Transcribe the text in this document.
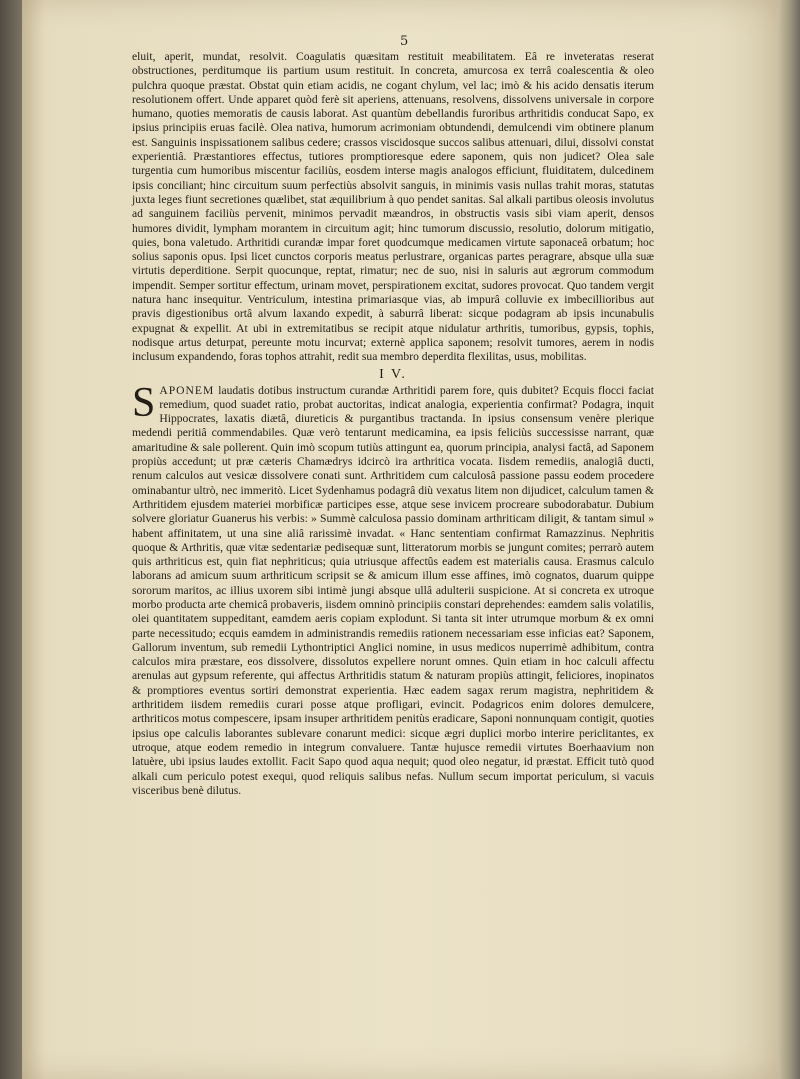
5

eluit, aperit, mundat, resolvit. Coagulatis quæsitam restituit meabilitatem. Eâ re inveteratas reserat obstructiones, perditumque iis partium usum restituit. In concreta, amurcosa ex terrâ coalescentia & oleo pulchra quoque præstat. Obstat quin etiam acidis, ne cogant chylum, vel lac; imò & his acido densatis iterum resolutionem offert. Unde apparet quòd ferè sit aperiens, attenuans, resolvens, dissolvens universale in corpore humano, quoties memoratis de causis laborat. Ast quantùm debellandis furoribus arthritidis conducat Sapo, ex ipsius principiis eruas facilè. Olea nativa, humorum acrimoniam obtundendi, demulcendi vim obtinere planum est. Sanguinis inspissationem salibus cedere; crassos viscidosque succos salibus attenuari, dilui, dissolvi constat experientiâ. Præstantiores effectus, tutiores promptioresque edere saponem, quis non judicet? Olea sale turgentia cum humoribus miscentur faciliùs, eosdem interse magis analogos efficiunt, fluiditatem, dulcedinem ipsis conciliant; hinc circuitum suum perfectiùs absolvit sanguis, in minimis vasis nullas trahit moras, statutas juxta leges fiunt secretiones quælibet, stat æquilibrium à quo pendet sanitas. Sal alkali partibus oleosis involutus ad sanguinem faciliùs pervenit, minimos pervadit mæandros, in obstructis vasis sibi viam aperit, densos humores dividit, lympham morantem in circuitum agit; hinc tumorum discussio, resolutio, dolorum mitigatio, quies, bona valetudo. Arthritidi curandæ impar foret quodcumque medicamen virtute saponaceâ orbatum; hoc solius saponis opus. Ipsi licet cunctos corporis meatus perlustrare, organicas partes peragrare, absque ulla suæ virtutis deperditione. Serpit quocunque, reptat, rimatur; nec de suo, nisi in saluris aut ægrorum commodum impendit. Semper sortitur effectum, urinam movet, perspirationem excitat, sudores provocat. Quo tandem vergit natura hanc insequitur. Ventriculum, intestina primariasque vias, ab impurâ colluvie ex imbecillioribus aut pravis digestionibus ortâ alvum laxando expedit, à saburrâ liberat: sicque podagram ab ipsis incunabulis expugnat & expellit. At ubi in extremitatibus se recipit atque nidulatur arthritis, tumoribus, gypsis, tophis, nodisque artus deturpat, pereunte motu incurvat; externè applica saponem; resolvit tumores, aerem in nodis inclusum expandendo, foras tophos attrahit, redit sua membro deperdita flexilitas, usus, mobilitas.

I V.

SAPONEM laudatis dotibus instructum curandæ Arthritidi parem fore, quis dubitet? Ecquis flocci faciat remedium, quod suadet ratio, probat auctoritas, indicat analogia, experientia confirmat? Podagra, inquit Hippocrates, laxatis diætâ, diureticis & purgantibus tractanda. In ipsius consensum venère plerique medendi peritiâ commendabiles. Quæ verò tentarunt medicamina, ea ipsis feliciùs successisse narrant, quæ amaritudine & sale pollerent. Quin imò scopum tutiùs attingunt ea, quorum principia, analysi factâ, ad Saponem propiùs accedunt; ut præ cæteris Chamædrys idcircò ira arthritica vocata. Iisdem remediis, analogiâ ducti, renum calculos aut vesicæ dissolvere conati sunt. Arthritidem cum calculosâ passione passu eodem procedere ominabantur ultrò, nec immeritò. Licet Sydenhamus podagrâ diù vexatus litem non dijudicet, calculum tamen & Arthritidem ejusdem materiei morbificæ participes esse, atque sese invicem procreare subodorabatur. Dubium solvere gloriatur Guanerus his verbis: » Summè calculosa passio dominam arthriticam diligit, & tantam simul » habent affinitatem, ut una sine aliâ rarissimè invadat. « Hanc sententiam confirmat Ramazzinus. Nephritis quoque & Arthritis, quæ vitæ sedentariæ pedisequæ sunt, litteratorum morbis se jungunt comites; perrarò autem quis arthriticus est, quin fiat nephriticus; quia utriusque affectûs eadem est materialis causa. Erasmus calculo laborans ad amicum suum arthriticum scripsit se & amicum illum esse affines, imò cognatos, duarum quippe sororum maritos, ac illius uxorem sibi intimè jungi absque ullâ adulterii suspicione. At si concreta ex utroque morbo producta arte chemicâ probaveris, iisdem omninò principiis constari deprehendes: eamdem salis volatilis, olei quantitatem suppeditant, eamdem aeris copiam explodunt. Si tanta sit inter utrumque morbum & ex omni parte necessitudo; ecquis eamdem in administrandis remediis rationem necessariam esse inficias eat? Saponem, Gallorum inventum, sub remedii Lythontriptici Anglici nomine, in usus medicos nuperrimè adhibitum, contra calculos mira præstare, eos dissolvere, dissolutos expellere norunt omnes. Quin etiam in hoc calculi affectu arenulas aut gypsum referente, qui affectus Arthritidis statum & naturam propiùs attingit, feliciores, inopinatos & promptiores eventus sortiri demonstrat experientia. Hæc eadem sagax rerum magistra, nephritidem & arthritidem iisdem remediis curari posse atque profligari, evincit. Podagricos enim dolores demulcere, arthriticos motus compescere, ipsam insuper arthritidem penitùs eradicare, Saponi nonnunquam contigit, quoties ipsius ope calculis laborantes sublevare conarunt medici: sicque ægri duplici morbo interire periclitantes, ex utroque, atque eodem remedio in integrum convaluere. Tantæ hujusce remedii virtutes Boerhaavium non latuère, ubi ipsius laudes extollit. Facit Sapo quod aqua nequit; quod oleo negatur, id præstat. Efficit tutò quod alkali cum periculo potest exequi, quod reliquis salibus nefas. Nullum secum importat periculum, si vacuis visceribus benè dilutus.
